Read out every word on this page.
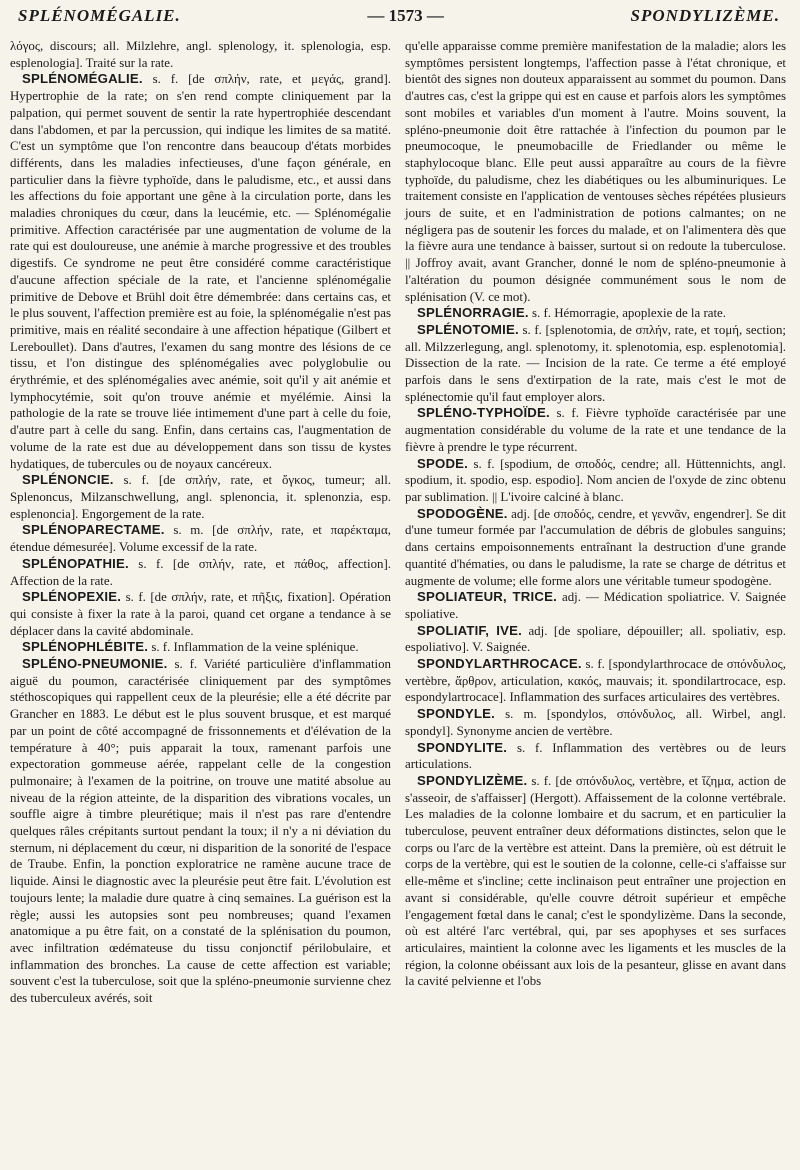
SPLÉNOMÉGALIE.	— 1573 —	SPONDYLIZÈME.

λόγος, discours; all. Milzlehre, angl. splenology, it. splenologia, esp. esplenologia]. Traité sur la rate.

SPLÉNOMÉGALIE. s. f. [de σπλήν, rate, et μεγάς, grand]. Hypertrophie de la rate; on s'en rend compte cliniquement par la palpation, qui permet souvent de sentir la rate hypertrophiée descendant dans l'abdomen, et par la percussion, qui indique les limites de sa matité. C'est un symptôme que l'on rencontre dans beaucoup d'états morbides différents, dans les maladies infectieuses, d'une façon générale, en particulier dans la fièvre typhoïde, dans le paludisme, etc., et aussi dans les affections du foie apportant une gêne à la circulation porte, dans les maladies chroniques du cœur, dans la leucémie, etc. — Splénomégalie primitive. Affection caractérisée par une augmentation de volume de la rate qui est douloureuse, une anémie à marche progressive et des troubles digestifs. Ce syndrome ne peut être considéré comme caractéristique d'aucune affection spéciale de la rate, et l'ancienne splénomégalie primitive de Debove et Brühl doit être démembrée: dans certains cas, et le plus souvent, l'affection première est au foie, la splénomégalie n'est pas primitive, mais en réalité secondaire à une affection hépatique (Gilbert et Lereboullet). Dans d'autres, l'examen du sang montre des lésions de ce tissu, et l'on distingue des splénomégalies avec polyglobulie ou érythrémie, et des splénomégalies avec anémie, soit qu'il y ait anémie et lymphocytémie, soit qu'on trouve anémie et myélémie. Ainsi la pathologie de la rate se trouve liée intimement d'une part à celle du foie, d'autre part à celle du sang. Enfin, dans certains cas, l'augmentation de volume de la rate est due au développement dans son tissu de kystes hydatiques, de tubercules ou de noyaux cancéreux.

SPLÉNONCIE. s. f. [de σπλήν, rate, et ὄγκος, tumeur; all. Splenoncus, Milzanschwellung, angl. splenoncia, it. splenonzia, esp. esplenoncia]. Engorgement de la rate.

SPLÉNOPARECTAME. s. m. [de σπλήν, rate, et παρέκταμα, étendue démesurée]. Volume excessif de la rate.

SPLÉNOPATHIE. s. f. [de σπλήν, rate, et πάθος, affection]. Affection de la rate.

SPLÉNOPEXIE. s. f. [de σπλήν, rate, et πῆξις, fixation]. Opération qui consiste à fixer la rate à la paroi, quand cet organe a tendance à se déplacer dans la cavité abdominale.

SPLÉNOPHLÉBITE. s. f. Inflammation de la veine splénique.

SPLÉNO-PNEUMONIE. s. f. Variété particulière d'inflammation aiguë du poumon, caractérisée cliniquement par des symptômes stéthoscopiques qui rappellent ceux de la pleurésie; elle a été décrite par Grancher en 1883. Le début est le plus souvent brusque, et est marqué par un point de côté accompagné de frissonnements et d'élévation de la température à 40°; puis apparait la toux, ramenant parfois une expectoration gommeuse aérée, rappelant celle de la congestion pulmonaire; à l'examen de la poitrine, on trouve une matité absolue au niveau de la région atteinte, de la disparition des vibrations vocales, un souffle aigre à timbre pleurétique; mais il n'est pas rare d'entendre quelques râles crépitants surtout pendant la toux; il n'y a ni déviation du sternum, ni déplacement du cœur, ni disparition de la sonorité de l'espace de Traube. Enfin, la ponction exploratrice ne ramène aucune trace de liquide. Ainsi le diagnostic avec la pleurésie peut être fait. L'évolution est toujours lente; la maladie dure quatre à cinq semaines. La guérison est la règle; aussi les autopsies sont peu nombreuses; quand l'examen anatomique a pu être fait, on a constaté de la splénisation du poumon, avec infiltration œdémateuse du tissu conjonctif périlobulaire, et inflammation des bronches. La cause de cette affection est variable; souvent c'est la tuberculose, soit que la spléno-pneumonie survienne chez des tuberculeux avérés, soit

qu'elle apparaisse comme première manifestation de la maladie; alors les symptômes persistent longtemps, l'affection passe à l'état chronique, et bientôt des signes non douteux apparaissent au sommet du poumon. Dans d'autres cas, c'est la grippe qui est en cause et parfois alors les symptômes sont mobiles et variables d'un moment à l'autre. Moins souvent, la spléno-pneumonie doit être rattachée à l'infection du poumon par le pneumocoque, le pneumobacille de Friedlander ou même le staphylocoque blanc. Elle peut aussi apparaître au cours de la fièvre typhoïde, du paludisme, chez les diabétiques ou les albuminuriques. Le traitement consiste en l'application de ventouses sèches répétées plusieurs jours de suite, et en l'administration de potions calmantes; on ne négligera pas de soutenir les forces du malade, et on l'alimentera dès que la fièvre aura une tendance à baisser, surtout si on redoute la tuberculose. || Joffroy avait, avant Grancher, donné le nom de spléno-pneumonie à l'altération du poumon désignée communément sous le nom de splénisation (V. ce mot).

SPLÉNORRAGIE. s. f. Hémorragie, apoplexie de la rate.

SPLÉNOTOMIE. s. f. [splenotomia, de σπλήν, rate, et τομή, section; all. Milzzerlegung, angl. splenotomy, it. splenotomia, esp. esplenotomia]. Dissection de la rate. — Incision de la rate. Ce terme a été employé parfois dans le sens d'extirpation de la rate, mais c'est le mot de splénectomie qu'il faut employer alors.

SPLÉNO-TYPHOÏDE. s. f. Fièvre typhoïde caractérisée par une augmentation considérable du volume de la rate et une tendance de la fièvre à prendre le type récurrent.

SPODE. s. f. [spodium, de σποδός, cendre; all. Hüttennichts, angl. spodium, it. spodio, esp. espodio]. Nom ancien de l'oxyde de zinc obtenu par sublimation. || L'ivoire calciné à blanc.

SPODOGÈNE. adj. [de σποδός, cendre, et γεννᾶν, engendrer]. Se dit d'une tumeur formée par l'accumulation de débris de globules sanguins; dans certains empoisonnements entraînant la destruction d'une grande quantité d'hématies, ou dans le paludisme, la rate se charge de détritus et augmente de volume; elle forme alors une véritable tumeur spodogène.

SPOLIATEUR, TRICE. adj. — Médication spoliatrice. V. Saignée spoliative.

SPOLIATIF, IVE. adj. [de spoliare, dépouiller; all. spoliativ, esp. espoliativo]. V. Saignée.

SPONDYLARTHROCACE. s. f. [spondylarthrocace de σπόνδυλος, vertèbre, ἄρθρον, articulation, κακός, mauvais; it. spondilartrocace, esp. espondylartrocace]. Inflammation des surfaces articulaires des vertèbres.

SPONDYLE. s. m. [spondylos, σπόνδυλος, all. Wirbel, angl. spondyl]. Synonyme ancien de vertèbre.

SPONDYLITE. s. f. Inflammation des vertèbres ou de leurs articulations.

SPONDYLIZÈME. s. f. [de σπόνδυλος, vertèbre, et ἵζημα, action de s'asseoir, de s'affaisser] (Hergott). Affaissement de la colonne vertébrale. Les maladies de la colonne lombaire et du sacrum, et en particulier la tuberculose, peuvent entraîner deux déformations distinctes, selon que le corps ou l'arc de la vertèbre est atteint. Dans la première, où est détruit le corps de la vertèbre, qui est le soutien de la colonne, celle-ci s'affaisse sur elle-même et s'incline; cette inclinaison peut entraîner une projection en avant si considérable, qu'elle couvre détroit supérieur et empêche l'engagement fœtal dans le canal; c'est le spondylizème. Dans la seconde, où est altéré l'arc vertébral, qui, par ses apophyses et ses surfaces articulaires, maintient la colonne avec les ligaments et les muscles de la région, la colonne obéissant aux lois de la pesanteur, glisse en avant dans la cavité pelvienne et l'obs
